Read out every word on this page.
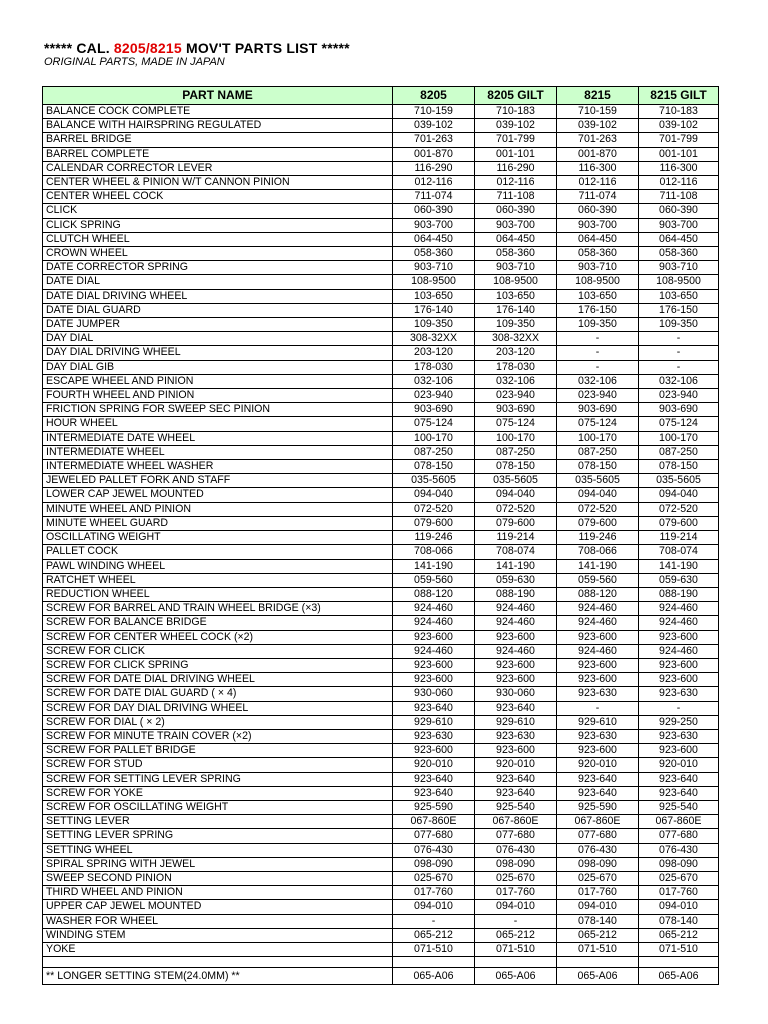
***** CAL. 8205/8215 MOV'T PARTS LIST *****
ORIGINAL PARTS, MADE IN JAPAN
PART NAME	8205	8205 GILT	8215	8215 GILT
BALANCE COCK COMPLETE	710-159	710-183	710-159	710-183
BALANCE WITH HAIRSPRING REGULATED	039-102	039-102	039-102	039-102
BARREL BRIDGE	701-263	701-799	701-263	701-799
BARREL COMPLETE	001-870	001-101	001-870	001-101
CALENDAR CORRECTOR LEVER	116-290	116-290	116-300	116-300
CENTER WHEEL & PINION W/T CANNON PINION	012-116	012-116	012-116	012-116
CENTER WHEEL COCK	711-074	711-108	711-074	711-108
CLICK	060-390	060-390	060-390	060-390
CLICK SPRING	903-700	903-700	903-700	903-700
CLUTCH WHEEL	064-450	064-450	064-450	064-450
CROWN WHEEL	058-360	058-360	058-360	058-360
DATE CORRECTOR SPRING	903-710	903-710	903-710	903-710
DATE DIAL	108-9500	108-9500	108-9500	108-9500
DATE DIAL DRIVING WHEEL	103-650	103-650	103-650	103-650
DATE DIAL GUARD	176-140	176-140	176-150	176-150
DATE JUMPER	109-350	109-350	109-350	109-350
DAY DIAL	308-32XX	308-32XX	-	-
DAY DIAL DRIVING WHEEL	203-120	203-120	-	-
DAY DIAL GIB	178-030	178-030	-	-
ESCAPE WHEEL AND PINION	032-106	032-106	032-106	032-106
FOURTH WHEEL AND PINION	023-940	023-940	023-940	023-940
FRICTION SPRING FOR SWEEP SEC PINION	903-690	903-690	903-690	903-690
HOUR WHEEL	075-124	075-124	075-124	075-124
INTERMEDIATE DATE WHEEL	100-170	100-170	100-170	100-170
INTERMEDIATE WHEEL	087-250	087-250	087-250	087-250
INTERMEDIATE WHEEL WASHER	078-150	078-150	078-150	078-150
JEWELED PALLET FORK AND STAFF	035-5605	035-5605	035-5605	035-5605
LOWER CAP JEWEL MOUNTED	094-040	094-040	094-040	094-040
MINUTE WHEEL AND PINION	072-520	072-520	072-520	072-520
MINUTE WHEEL GUARD	079-600	079-600	079-600	079-600
OSCILLATING WEIGHT	119-246	119-214	119-246	119-214
PALLET COCK	708-066	708-074	708-066	708-074
PAWL WINDING WHEEL	141-190	141-190	141-190	141-190
RATCHET WHEEL	059-560	059-630	059-560	059-630
REDUCTION WHEEL	088-120	088-190	088-120	088-190
SCREW FOR BARREL AND TRAIN WHEEL BRIDGE (×3)	924-460	924-460	924-460	924-460
SCREW FOR BALANCE BRIDGE	924-460	924-460	924-460	924-460
SCREW FOR CENTER WHEEL COCK (×2)	923-600	923-600	923-600	923-600
SCREW FOR CLICK	924-460	924-460	924-460	924-460
SCREW FOR CLICK SPRING	923-600	923-600	923-600	923-600
SCREW FOR DATE DIAL DRIVING WHEEL	923-600	923-600	923-600	923-600
SCREW FOR DATE DIAL GUARD ( × 4)	930-060	930-060	923-630	923-630
SCREW FOR DAY DIAL DRIVING WHEEL	923-640	923-640	-	-
SCREW FOR DIAL ( × 2)	929-610	929-610	929-610	929-250
SCREW FOR MINUTE TRAIN COVER (×2)	923-630	923-630	923-630	923-630
SCREW FOR PALLET BRIDGE	923-600	923-600	923-600	923-600
SCREW FOR STUD	920-010	920-010	920-010	920-010
SCREW FOR SETTING LEVER SPRING	923-640	923-640	923-640	923-640
SCREW FOR YOKE	923-640	923-640	923-640	923-640
SCREW FOR OSCILLATING WEIGHT	925-590	925-540	925-590	925-540
SETTING LEVER	067-860E	067-860E	067-860E	067-860E
SETTING LEVER SPRING	077-680	077-680	077-680	077-680
SETTING WHEEL	076-430	076-430	076-430	076-430
SPIRAL SPRING WITH JEWEL	098-090	098-090	098-090	098-090
SWEEP SECOND PINION	025-670	025-670	025-670	025-670
THIRD WHEEL AND PINION	017-760	017-760	017-760	017-760
UPPER CAP JEWEL MOUNTED	094-010	094-010	094-010	094-010
WASHER FOR WHEEL	-	-	078-140	078-140
WINDING STEM	065-212	065-212	065-212	065-212
YOKE	071-510	071-510	071-510	071-510

** LONGER SETTING STEM(24.0MM) **	065-A06	065-A06	065-A06	065-A06
